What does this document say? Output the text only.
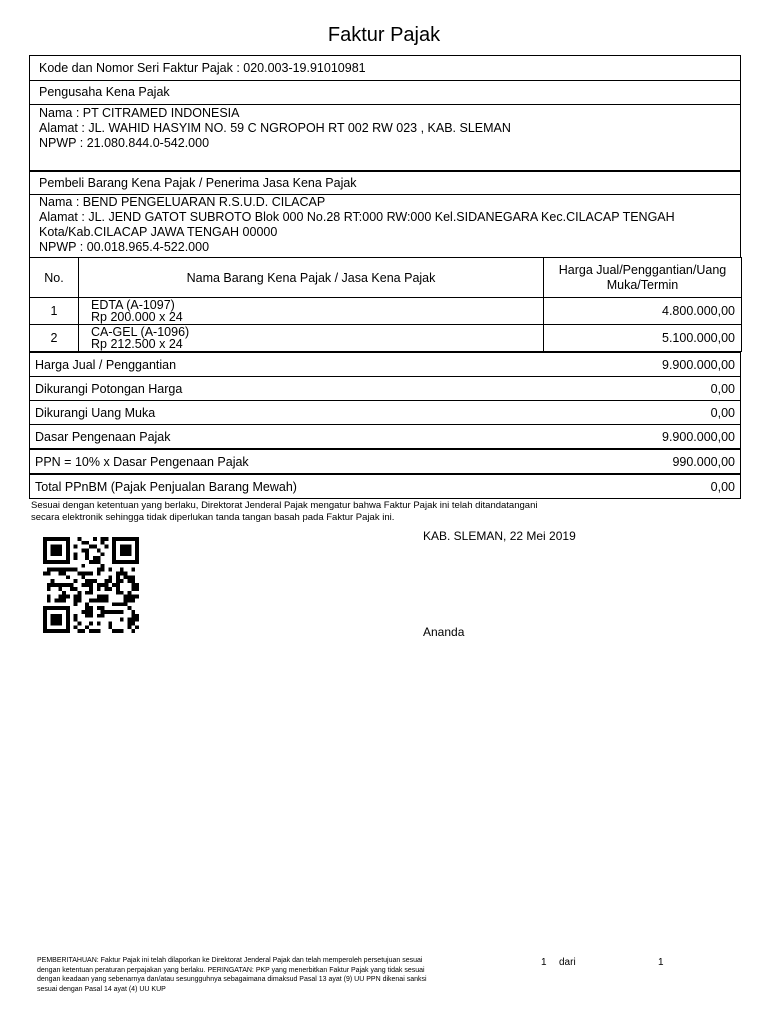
Faktur Pajak
Kode dan Nomor Seri Faktur Pajak : 020.003-19.91010981
Pengusaha Kena Pajak
Nama : PT CITRAMED INDONESIA
Alamat : JL. WAHID HASYIM NO. 59 C NGROPOH RT 002 RW 023 , KAB. SLEMAN
NPWP : 21.080.844.0-542.000
Pembeli Barang Kena Pajak / Penerima Jasa Kena Pajak
Nama : BEND PENGELUARAN R.S.U.D. CILACAP
Alamat : JL. JEND GATOT SUBROTO Blok 000 No.28 RT:000 RW:000 Kel.SIDANEGARA Kec.CILACAP TENGAH
Kota/Kab.CILACAP JAWA TENGAH 00000
NPWP : 00.018.965.4-522.000
No.	Nama Barang Kena Pajak / Jasa Kena Pajak	Harga Jual/Penggantian/Uang
Muka/Termin

1	EDTA (A-1097)
Rp 200.000 x 24	4.800.000,00
2	CA-GEL (A-1096)
Rp 212.500 x 24	5.100.000,00
Harga Jual / Penggantian	9.900.000,00
Dikurangi Potongan Harga	0,00
Dikurangi Uang Muka	0,00
Dasar Pengenaan Pajak	9.900.000,00
PPN = 10% x Dasar Pengenaan Pajak	990.000,00
Total PPnBM (Pajak Penjualan Barang Mewah)	0,00
Sesuai dengan ketentuan yang berlaku, Direktorat Jenderal Pajak mengatur bahwa Faktur Pajak ini telah ditandatangani
secara elektronik sehingga tidak diperlukan tanda tangan basah pada Faktur Pajak ini.
KAB. SLEMAN, 22 Mei 2019
Ananda
PEMBERITAHUAN: Faktur Pajak ini telah dilaporkan ke Direktorat Jenderal Pajak dan telah memperoleh persetujuan sesuai
dengan ketentuan peraturan perpajakan yang berlaku. PERINGATAN: PKP yang menerbitkan Faktur Pajak yang tidak sesuai
dengan keadaan yang sebenarnya dan/atau sesungguhnya sebagaimana dimaksud Pasal 13 ayat (9) UU PPN dikenai sanksi
sesuai dengan Pasal 14 ayat (4) UU KUP
1 dari	1
